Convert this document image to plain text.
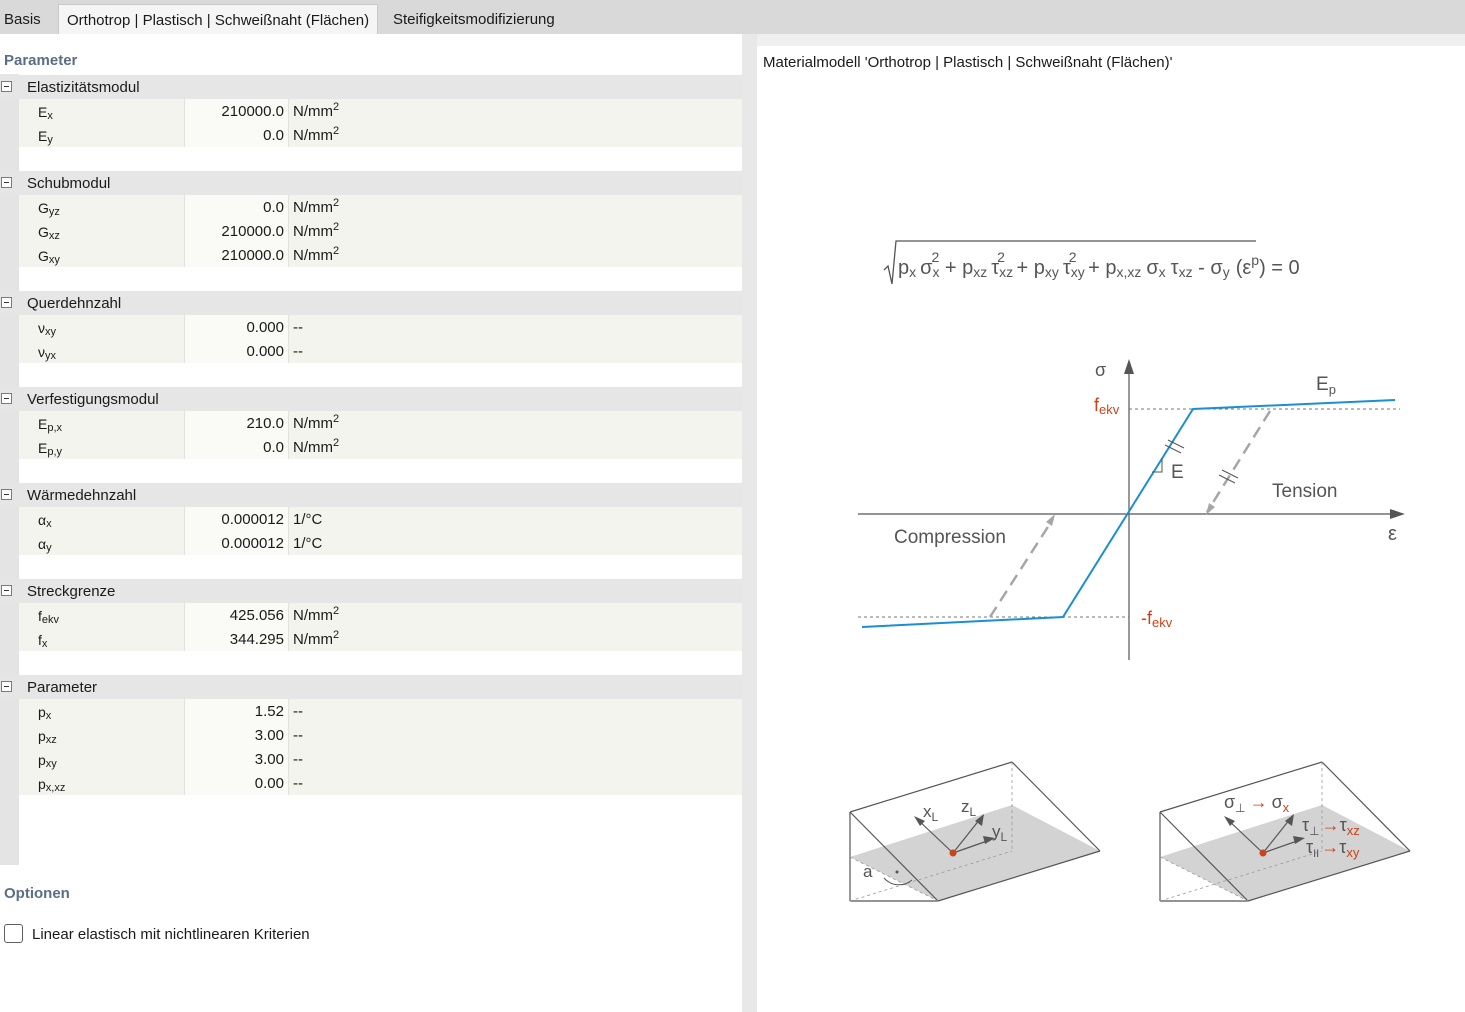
Basis	Orthotrop | Plastisch | Schweißnaht (Flächen)	Steifigkeitsmodifizierung
Parameter
Elastizitätsmodul
Ex	210000.0 $N/mm^2$
Ey	0.0 $N/mm^2$
Schubmodul
Gyz	0.0 $N/mm^2$
Gxz	210000.0 $N/mm^2$
Gxy	210000.0 $N/mm^2$
Querdehnzahl
νxy	0.000 --
νyx	0.000 --
Verfestigungsmodul
Ep,x	210.0 $N/mm^2$
Ep,y	0.0 $N/mm^2$
Wärmedehnzahl
αx	0.000012 1/°C
αy	0.000012 1/°C
Streckgrenze
fekv	425.056 $N/mm^2$
fx	344.295 $N/mm^2$
Parameter
px	1.52 --
pxz	3.00 --
pxy	3.00 --
px,xz	0.00 --
Optionen
Linear elastisch mit nichtlinearen Kriterien
Materialmodell 'Orthotrop | Plastisch | Schweißnaht (Flächen)'
px σx2 + pxz τxz2 + pxy τxy2 + px,xz σx τxz - σy $(\varepsilon^p) = 0$
σ
ε
E
$E_p$
fekv
-fekv
Tension
Compression
$x_L$
$z_L$
$y_L$
a
$\sigma_\perp \to \sigma_x$
$\tau_\perp \to\tau_{xz}$
$\tau_{II} \to\tau_{xy}$
